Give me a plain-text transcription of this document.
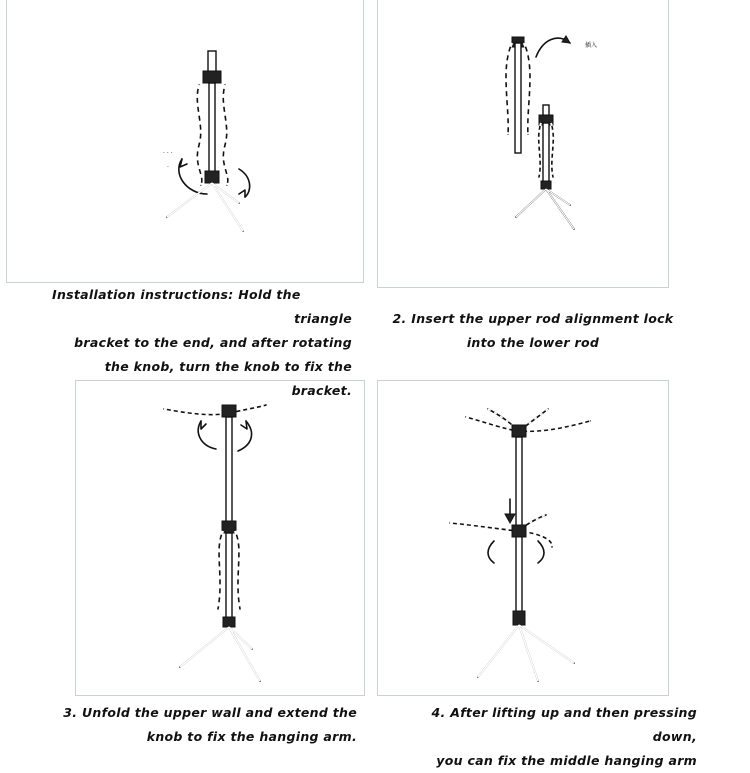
· · ·
·
插入
Installation instructions: Hold the triangle
bracket to the end, and after rotating
the knob, turn the knob to fix the
bracket.
2. Insert the upper rod alignment lock
into the lower rod
3. Unfold the upper wall and extend the
knob to fix the hanging arm.
4. After lifting up and then pressing down,
you can fix the middle hanging arm
